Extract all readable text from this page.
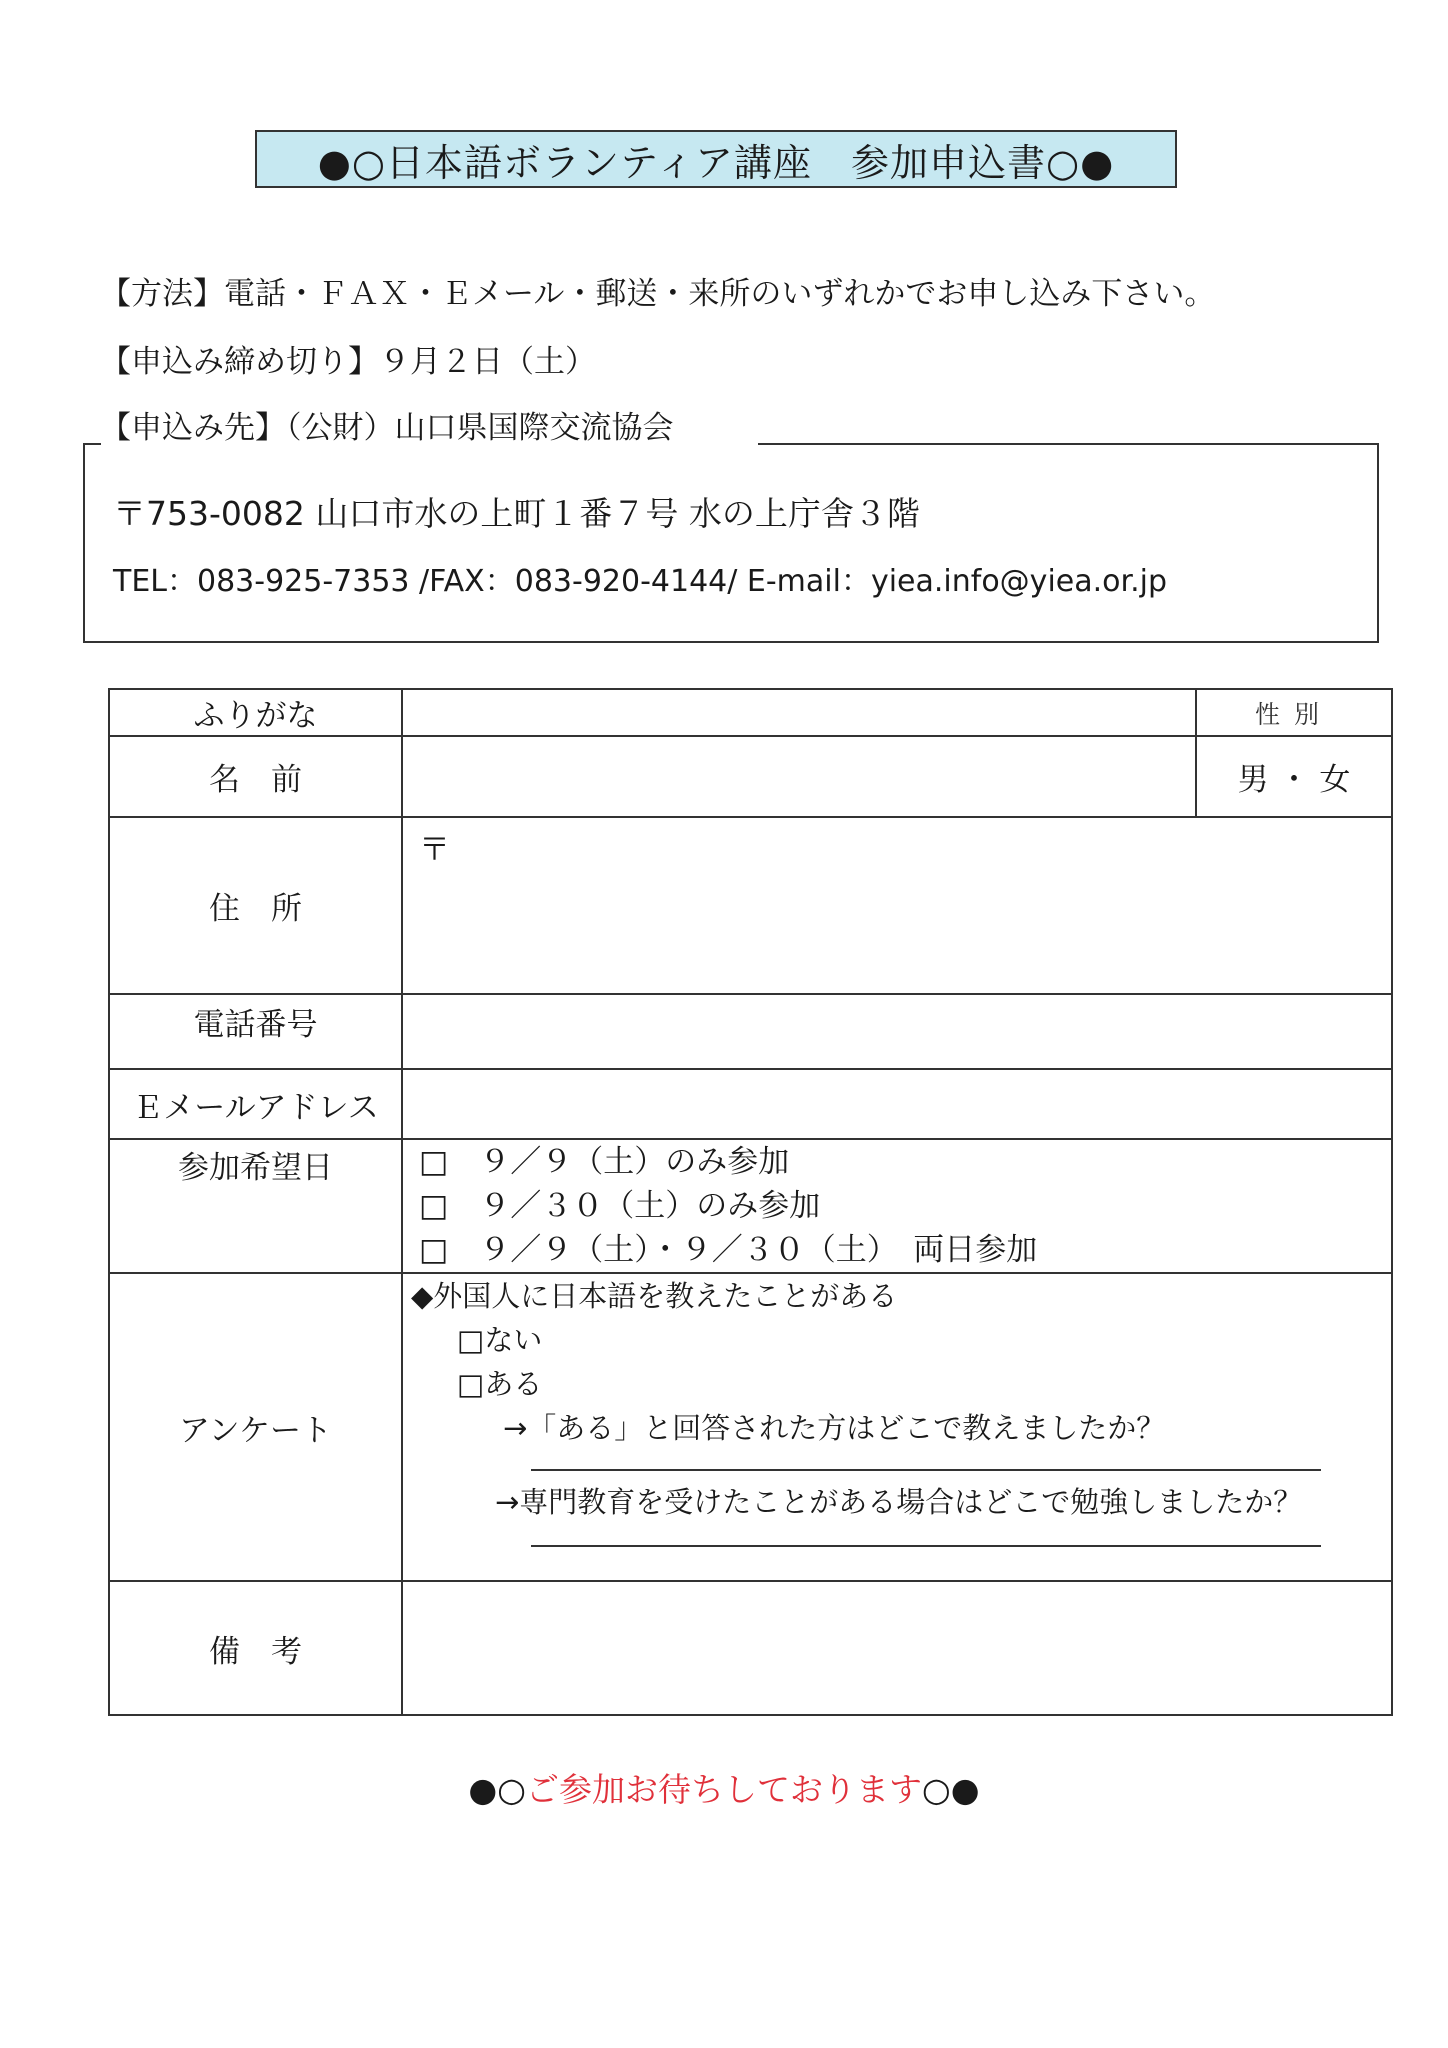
●○日本語ボランティア講座　参加申込書○●
【方法】電話・ＦＡＸ・Ｅメール・郵送・来所のいずれかでお申し込み下さい。
【申込み締め切り】９月２日（土）
【申込み先】（公財）山口県国際交流協会
〒753-0082 山口市水の上町１番７号 水の上庁舎３階
TEL：083-925-7353 /FAX：083-920-4144/ E-mail：yiea.info@yiea.or.jp
ふりがな		性別
名　前		男 ・ 女
住　所	〒	
電話番号		
Ｅメールアドレス		
参加希望日	□　９／９（土）のみ参加
□　９／３０（土）のみ参加
□　９／９（土）・９／３０（土）　両日参加	

アンケート	◆外国人に日本語を教えたことがある
□ない
□ある
→「ある」と回答された方はどこで教えましたか？
→専門教育を受けたことがある場合はどこで勉強しましたか？	

備　考		
●○ご参加お待ちしております○●
